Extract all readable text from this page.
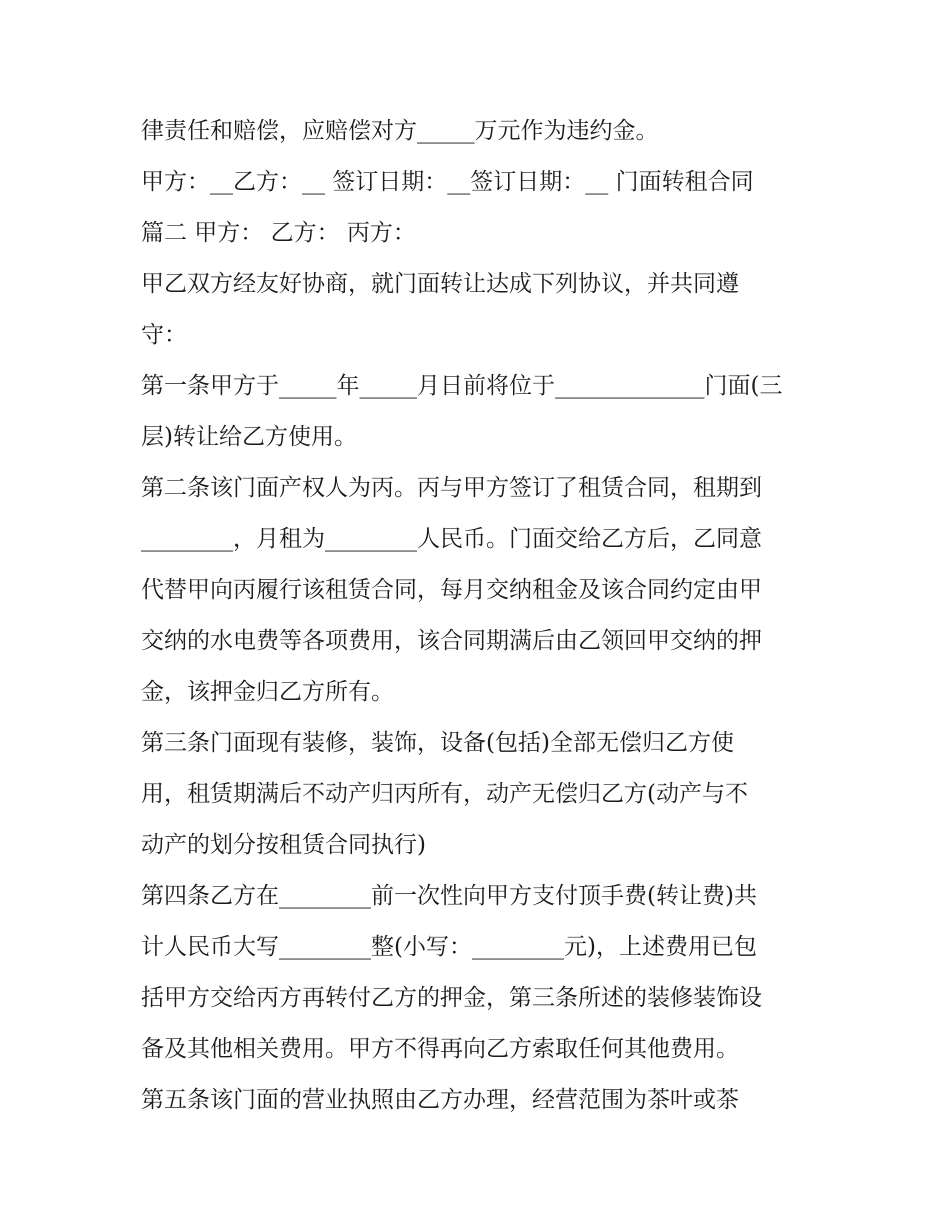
律责任和赔偿，应赔偿对方_____万元作为违约金。
甲方：__乙方：__ 签订日期：__签订日期：__ 门面转租合同
篇二 甲方： 乙方： 丙方：
甲乙双方经友好协商，就门面转让达成下列协议，并共同遵
守：
第一条甲方于_____年_____月日前将位于_____________门面(三
层)转让给乙方使用。
第二条该门面产权人为丙。丙与甲方签订了租赁合同，租期到
________，月租为________人民币。门面交给乙方后，乙同意
代替甲向丙履行该租赁合同，每月交纳租金及该合同约定由甲
交纳的水电费等各项费用，该合同期满后由乙领回甲交纳的押
金，该押金归乙方所有。
第三条门面现有装修，装饰，设备(包括)全部无偿归乙方使
用，租赁期满后不动产归丙所有，动产无偿归乙方(动产与不
动产的划分按租赁合同执行)
第四条乙方在________前一次性向甲方支付顶手费(转让费)共
计人民币大写________整(小写：________元)，上述费用已包
括甲方交给丙方再转付乙方的押金，第三条所述的装修装饰设
备及其他相关费用。甲方不得再向乙方索取任何其他费用。
第五条该门面的营业执照由乙方办理，经营范围为茶叶或茶
